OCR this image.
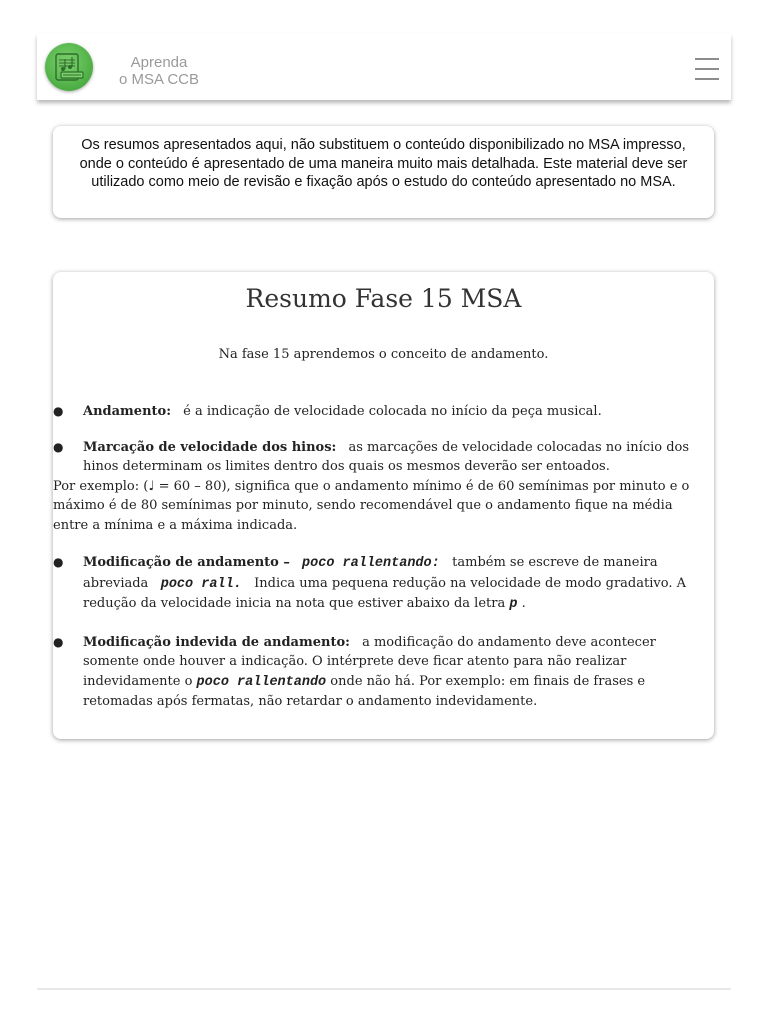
Aprenda
o MSA CCB
Os resumos apresentados aqui, não substituem o conteúdo disponibilizado no MSA impresso, onde o conteúdo é apresentado de uma maneira muito mais detalhada. Este material deve ser utilizado como meio de revisão e fixação após o estudo do conteúdo apresentado no MSA.
Resumo Fase 15 MSA

Na fase 15 aprendemos o conceito de andamento.

● Andamento: é a indicação de velocidade colocada no início da peça musical.
● Marcação de velocidade dos hinos: as marcações de velocidade colocadas no início dos hinos determinam os limites dentro dos quais os mesmos deverão ser entoados.
Por exemplo: (♩ = 60 – 80), significa que o andamento mínimo é de 60 semínimas por minuto e o máximo é de 80 semínimas por minuto, sendo recomendável que o andamento fique na média entre a mínima e a máxima indicada.
● Modificação de andamento – poco rallentando: também se escreve de maneira abreviada poco rall. Indica uma pequena redução na velocidade de modo gradativo. A redução da velocidade inicia na nota que estiver abaixo da letra p .
● Modificação indevida de andamento: a modificação do andamento deve acontecer somente onde houver a indicação. O intérprete deve ficar atento para não realizar indevidamente o poco rallentando onde não há. Por exemplo: em finais de frases e retomadas após fermatas, não retardar o andamento indevidamente.
